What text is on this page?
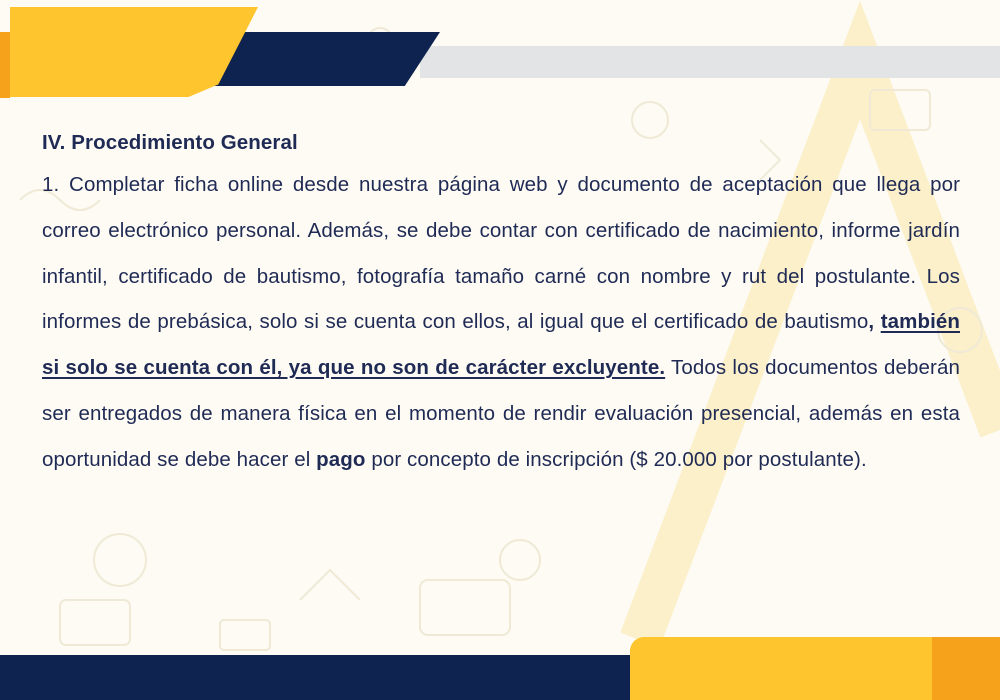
IV. Procedimiento General

1. Completar ficha online desde nuestra página web y documento de aceptación que llega por correo electrónico personal. Además, se debe contar con certificado de nacimiento, informe jardín infantil, certificado de bautismo, fotografía tamaño carné con nombre y rut del postulante. Los informes de prebásica, solo si se cuenta con ellos, al igual que el certificado de bautismo, también si solo se cuenta con él, ya que no son de carácter excluyente. Todos los documentos deberán ser entregados de manera física en el momento de rendir evaluación presencial, además en esta oportunidad se debe hacer el pago por concepto de inscripción ($ 20.000 por postulante).
